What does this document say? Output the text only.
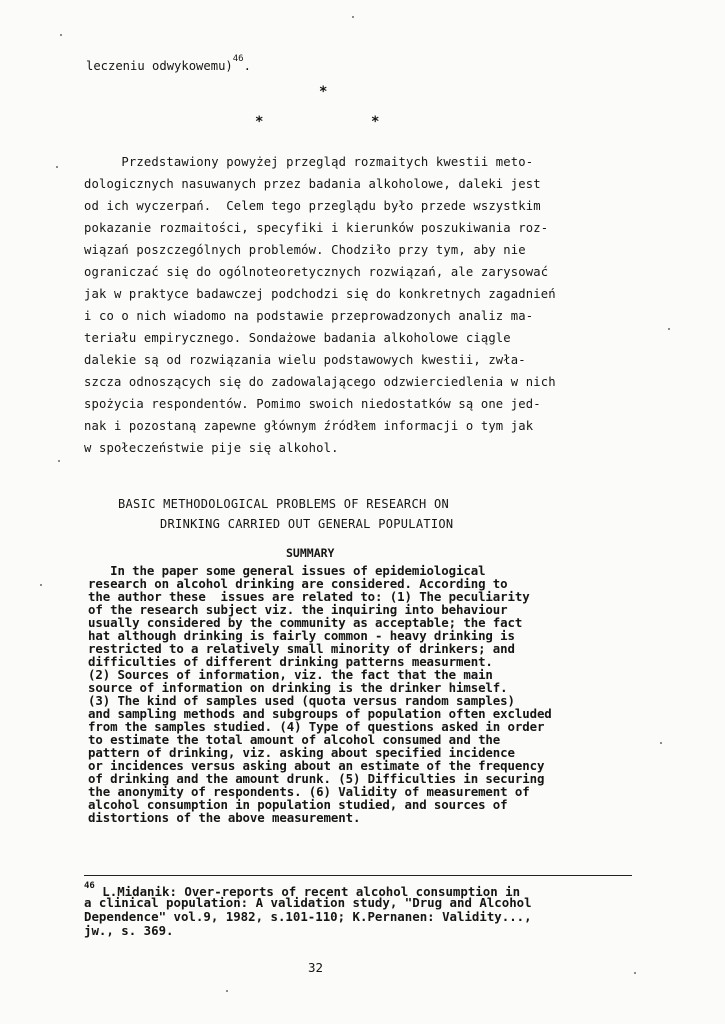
leczeniu odwykowemu)$^{46}$.
*
*	*
Przedstawiony powyżej przegląd rozmaitych kwestii meto-
dologicznych nasuwanych przez badania alkoholowe, daleki jest
od ich wyczerpań.  Celem tego przeglądu było przede wszystkim
pokazanie rozmaitości, specyfiki i kierunków poszukiwania roz-
wiązań poszczególnych problemów. Chodziło przy tym, aby nie
ograniczać się do ogólnoteoretycznych rozwiązań, ale zarysować
jak w praktyce badawczej podchodzi się do konkretnych zagadnień
i co o nich wiadomo na podstawie przeprowadzonych analiz ma-
teriału empirycznego. Sondażowe badania alkoholowe ciągle
dalekie są od rozwiązania wielu podstawowych kwestii, zwła-
szcza odnoszących się do zadowalającego odzwierciedlenia w nich
spożycia respondentów. Pomimo swoich niedostatków są one jed-
nak i pozostaną zapewne głównym źródłem informacji o tym jak
w społeczeństwie pije się alkohol.
BASIC METHODOLOGICAL PROBLEMS OF RESEARCH ON
DRINKING CARRIED OUT GENERAL POPULATION
SUMMARY
In the paper some general issues of epidemiological
research on alcohol drinking are considered. According to
the author these  issues are related to: (1) The peculiarity
of the research subject viz. the inquiring into behaviour
usually considered by the community as acceptable; the fact
hat although drinking is fairly common - heavy drinking is
restricted to a relatively small minority of drinkers; and
difficulties of different drinking patterns measurment.
(2) Sources of information, viz. the fact that the main
source of information on drinking is the drinker himself.
(3) The kind of samples used (quota versus random samples)
and sampling methods and subgroups of population often excluded
from the samples studied. (4) Type of questions asked in order
to estimate the total amount of alcohol consumed and the
pattern of drinking, viz. asking about specified incidence
or incidences versus asking about an estimate of the frequency
of drinking and the amount drunk. (5) Difficulties in securing
the anonymity of respondents. (6) Validity of measurement of
alcohol consumption in population studied, and sources of
distortions of the above measurement.
$^{46}$ L.Midanik: Over-reports of recent alcohol consumption in
a clinical population: A validation study, "Drug and Alcohol
Dependence" vol.9, 1982, s.101-110; K.Pernanen: Validity...,
jw., s. 369.
32
